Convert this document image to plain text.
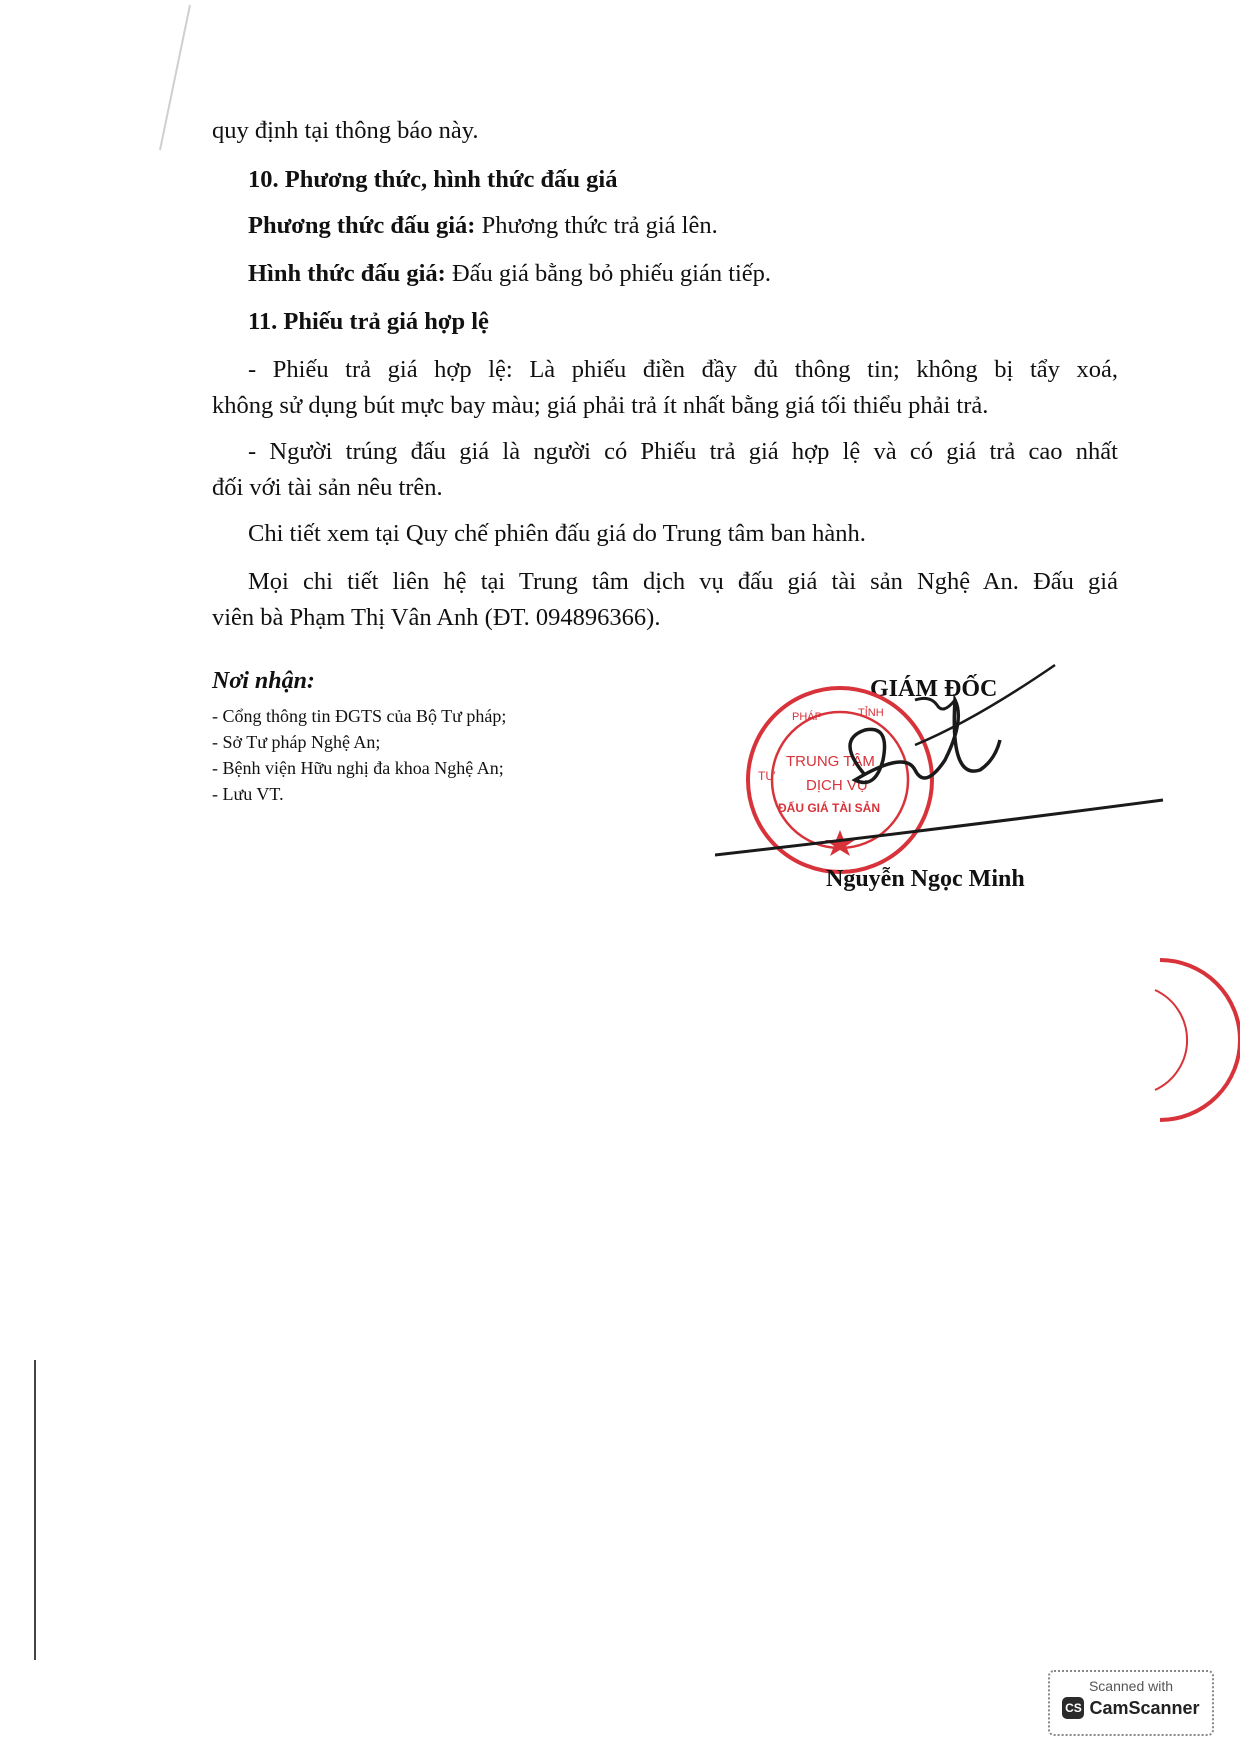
quy định tại thông báo này.
10. Phương thức, hình thức đấu giá
Phương thức đấu giá: Phương thức trả giá lên.
Hình thức đấu giá: Đấu giá bằng bỏ phiếu gián tiếp.
11. Phiếu trả giá hợp lệ
- Phiếu trả giá hợp lệ: Là phiếu điền đầy đủ thông tin; không bị tẩy xoá,
không sử dụng bút mực bay màu; giá phải trả ít nhất bằng giá tối thiểu phải trả.
- Người trúng đấu giá là người có Phiếu trả giá hợp lệ và có giá trả cao nhất
đối với tài sản nêu trên.
Chi tiết xem tại Quy chế phiên đấu giá do Trung tâm ban hành.
Mọi chi tiết liên hệ tại Trung tâm dịch vụ đấu giá tài sản Nghệ An. Đấu giá
viên bà Phạm Thị Vân Anh (ĐT. 094896366).
Nơi nhận:
- Cổng thông tin ĐGTS của Bộ Tư pháp;
- Sở Tư pháp Nghệ An;
- Bệnh viện Hữu nghị đa khoa Nghệ An;
- Lưu VT.
GIÁM ĐỐC
PHÁP	TỈNH
TƯ
TRUNG TÂM
DỊCH VỤ
ĐẤU GIÁ TÀI SẢN
Nguyễn Ngọc Minh
Scanned with
CS CamScanner
